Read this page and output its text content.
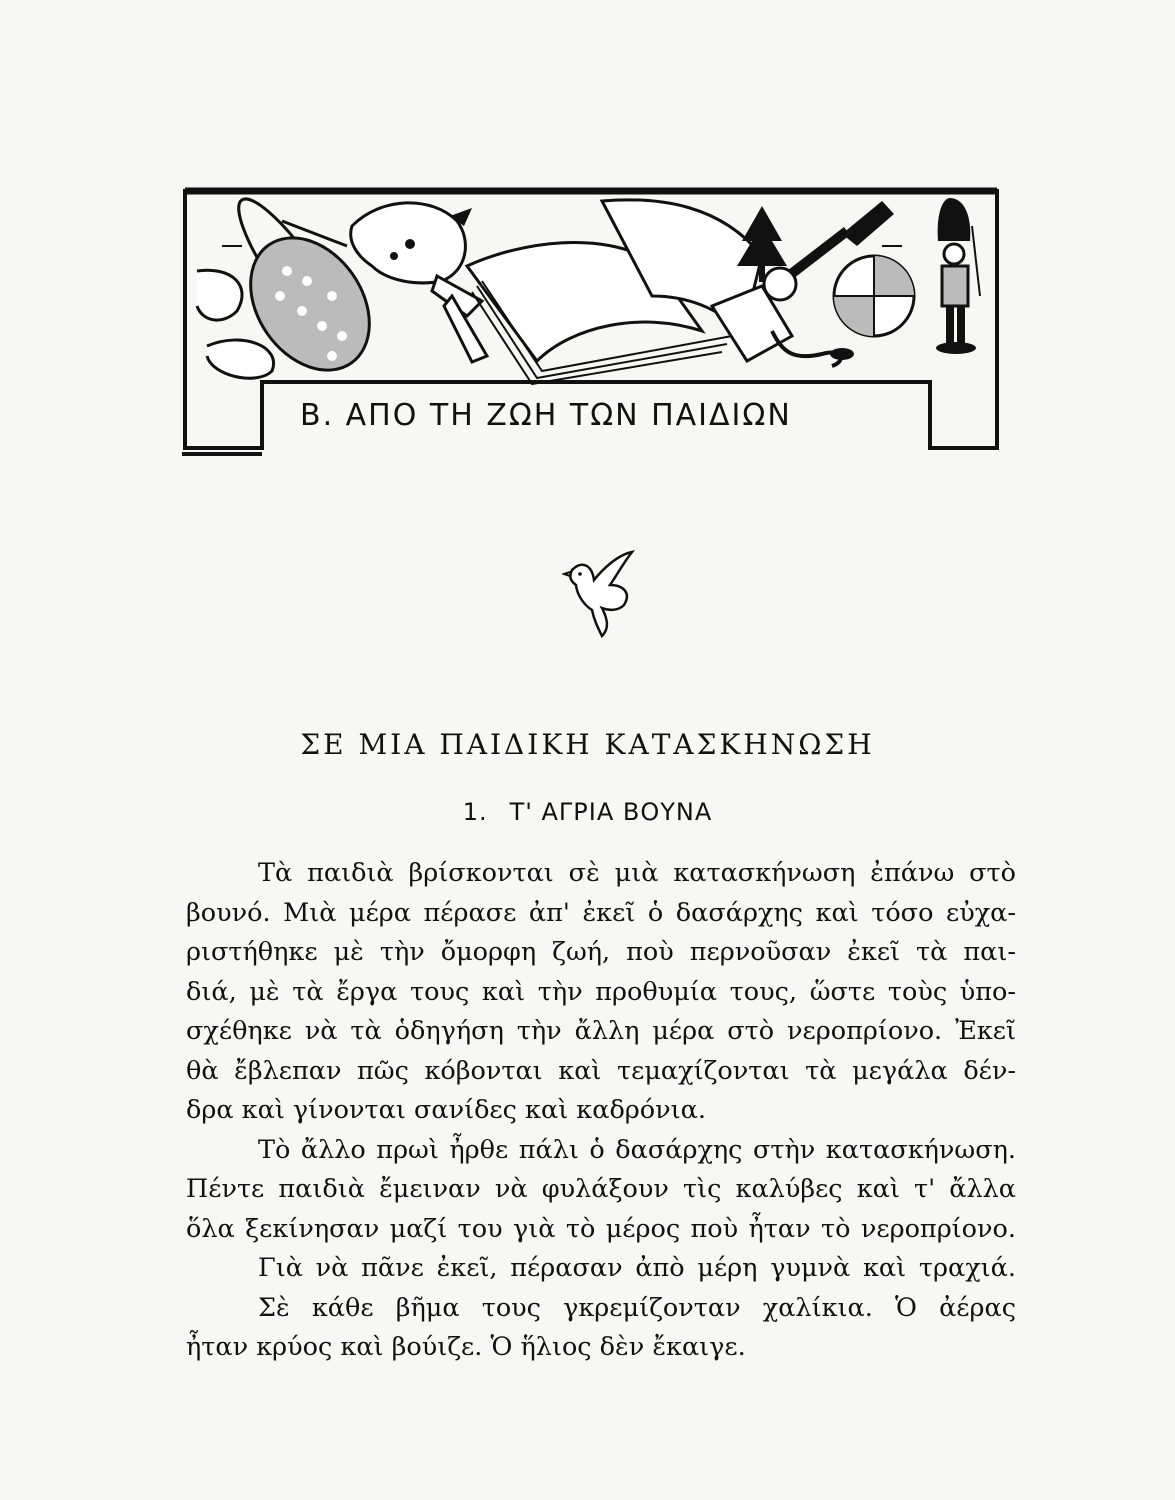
Β. ΑΠΟ ΤΗ ΖΩΗ ΤΩΝ ΠΑΙΔΙΩΝ
ΣΕ ΜΙΑ ΠΑΙΔΙΚΗ ΚΑΤΑΣΚΗΝΩΣΗ
1. Τ' ΑΓΡΙΑ ΒΟΥΝΑ
Τὰ παιδιὰ βρίσκονται σὲ μιὰ κατασκήνωση ἐπάνω στὸ
βουνό. Μιὰ μέρα πέρασε ἀπ' ἐκεῖ ὁ δασάρχης καὶ τόσο εὐχα-
ριστήθηκε μὲ τὴν ὄμορφη ζωή, ποὺ περνοῦσαν ἐκεῖ τὰ παι-
διά, μὲ τὰ ἔργα τους καὶ τὴν προθυμία τους, ὥστε τοὺς ὑπο-
σχέθηκε νὰ τὰ ὁδηγήση τὴν ἄλλη μέρα στὸ νεροπρίονο. Ἐκεῖ
θὰ ἔβλεπαν πῶς κόβονται καὶ τεμαχίζονται τὰ μεγάλα δέν-
δρα καὶ γίνονται σανίδες καὶ καδρόνια.
Τὸ ἄλλο πρωὶ ἦρθε πάλι ὁ δασάρχης στὴν κατασκήνωση.
Πέντε παιδιὰ ἔμειναν νὰ φυλάξουν τὶς καλύβες καὶ τ' ἄλλα
ὅλα ξεκίνησαν μαζί του γιὰ τὸ μέρος ποὺ ἦταν τὸ νεροπρίονο.
Γιὰ νὰ πᾶνε ἐκεῖ, πέρασαν ἀπὸ μέρη γυμνὰ καὶ τραχιά.
Σὲ κάθε βῆμα τους γκρεμίζονταν χαλίκια. Ὁ ἀέρας
ἦταν κρύος καὶ βούιζε. Ὁ ἥλιος δὲν ἔκαιγε.
